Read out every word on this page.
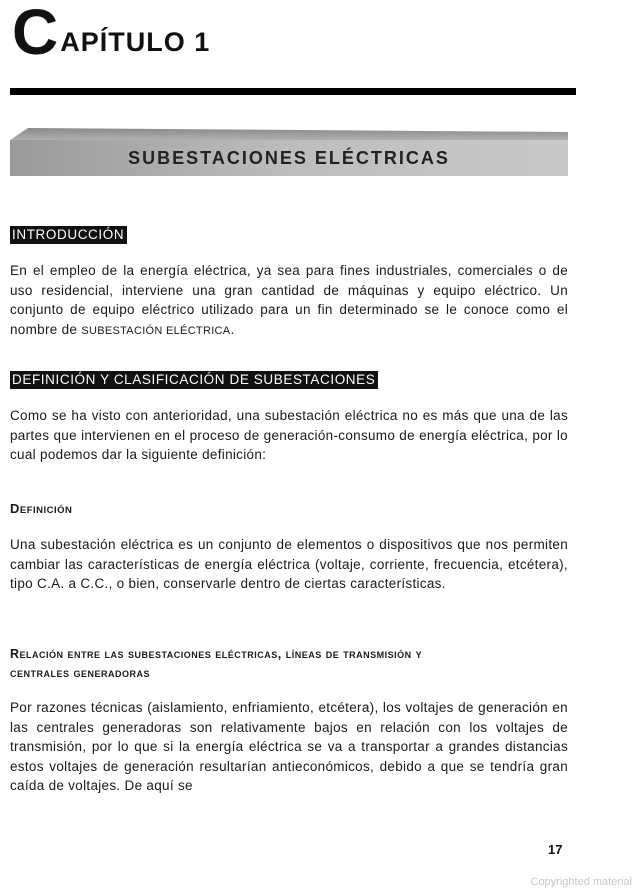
C APÍTULO 1
SUBESTACIONES ELÉCTRICAS
INTRODUCCIÓN
En el empleo de la energía eléctrica, ya sea para fines industriales, comerciales o de uso residencial, interviene una gran cantidad de máquinas y equipo eléctrico. Un conjunto de equipo eléctrico utilizado para un fin determinado se le conoce como el nombre de SUBESTACIÓN ELÉCTRICA.
DEFINICIÓN Y CLASIFICACIÓN DE SUBESTACIONES
Como se ha visto con anterioridad, una subestación eléctrica no es más que una de las partes que intervienen en el proceso de generación-consumo de energía eléctrica, por lo cual podemos dar la siguiente definición:
DEFINICIÓN
Una subestación eléctrica es un conjunto de elementos o dispositivos que nos permiten cambiar las características de energía eléctrica (voltaje, corriente, frecuencia, etcétera), tipo C.A. a C.C., o bien, conservarle dentro de ciertas características.
Relación entre las subestaciones eléctricas, líneas de transmisión y
centrales generadoras
Por razones técnicas (aislamiento, enfriamiento, etcétera), los voltajes de generación en las centrales generadoras son relativamente bajos en relación con los voltajes de transmisión, por lo que si la energía eléctrica se va a transportar a grandes distancias estos voltajes de generación resultarían antieconómicos, debido a que se tendría gran caída de voltajes. De aquí se
17
Copyrighted material
